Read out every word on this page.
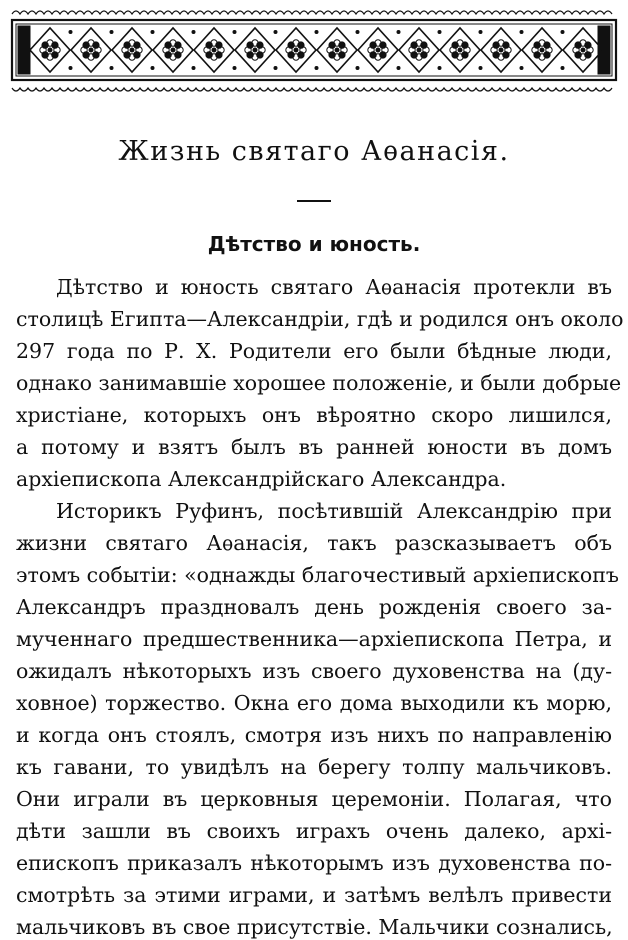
Жизнь святаго Аѳанасія.
Дѣтство и юность.
Дѣтство и юность святаго Аѳанасія протекли въ
столицѣ Египта—Александріи, гдѣ и родился онъ около
297 года по Р. Х. Родители его были бѣдные люди,
однако занимавшіе хорошее положеніе, и были добрые
христіане, которыхъ онъ вѣроятно скоро лишился,
а потому и взятъ былъ въ ранней юности въ домъ
архіепископа Александрійскаго Александра.
Историкъ Руфинъ, посѣтившій Александрію при
жизни святаго Аѳанасія, такъ разсказываетъ объ
этомъ событіи: «однажды благочестивый архіепископъ
Александръ праздновалъ день рожденія своего за-
мученнаго предшественника—архіепископа Петра, и
ожидалъ нѣкоторыхъ изъ своего духовенства на (ду-
ховное) торжество. Окна его дома выходили къ морю,
и когда онъ стоялъ, смотря изъ нихъ по направленію
къ гавани, то увидѣлъ на берегу толпу мальчиковъ.
Они играли въ церковныя церемоніи. Полагая, что
дѣти зашли въ своихъ играхъ очень далеко, архі-
епископъ приказалъ нѣкоторымъ изъ духовенства по-
смотрѣть за этими играми, и затѣмъ велѣлъ привести
мальчиковъ въ свое присутствіе. Мальчики сознались,
